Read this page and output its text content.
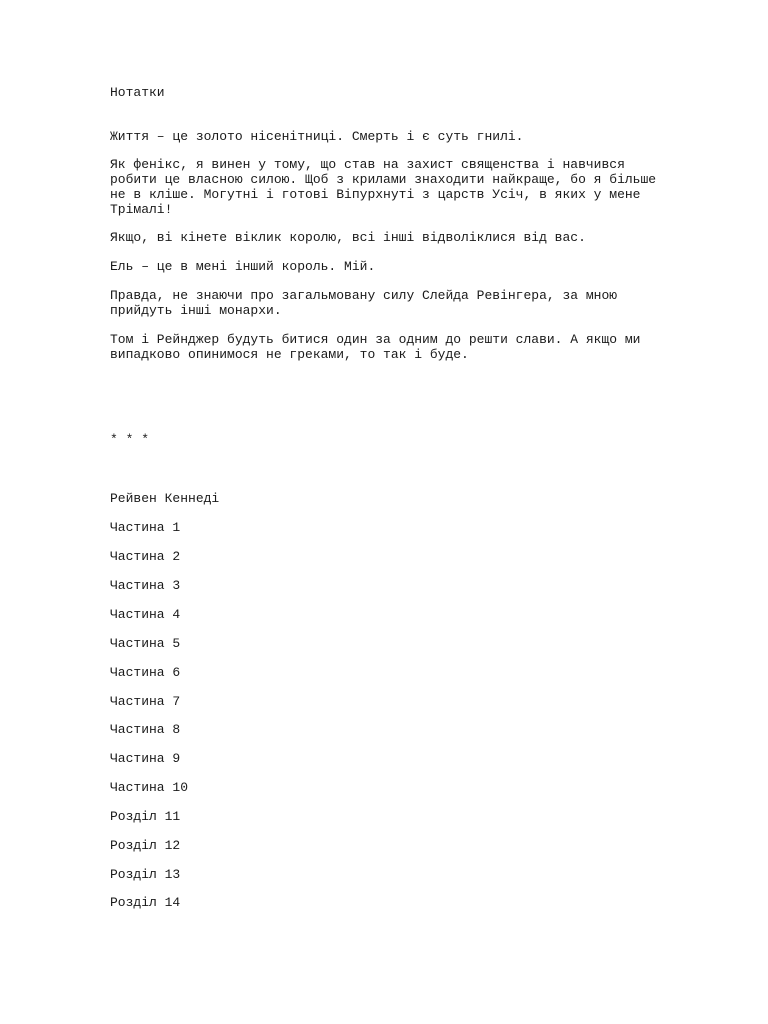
Нотатки
Життя – це золото нісенітниці. Смерть і є суть гнилі.
Як фенікс, я винен у тому, що став на захист священства і навчився робити це власною силою. Щоб з крилами знаходити найкраще, бо я більше не в кліше. Могутні і готові Віпурхнуті з царств Усіч, в яких у мене Трімалі!
Якщо, ві кінете віклик королю, всі інші відволіклися від вас.
Ель – це в мені інший король. Мій.
Правда, не знаючи про загальмовану силу Слейда Ревінгера, за мною прийдуть інші монархи.
Том і Рейнджер будуть битися один за одним до решти слави. А якщо ми випадково опинимося не греками, то так і буде.
* * *
Рейвен Кеннеді
Частина 1
Частина 2
Частина 3
Частина 4
Частина 5
Частина 6
Частина 7
Частина 8
Частина 9
Частина 10
Розділ 11
Розділ 12
Розділ 13
Розділ 14
